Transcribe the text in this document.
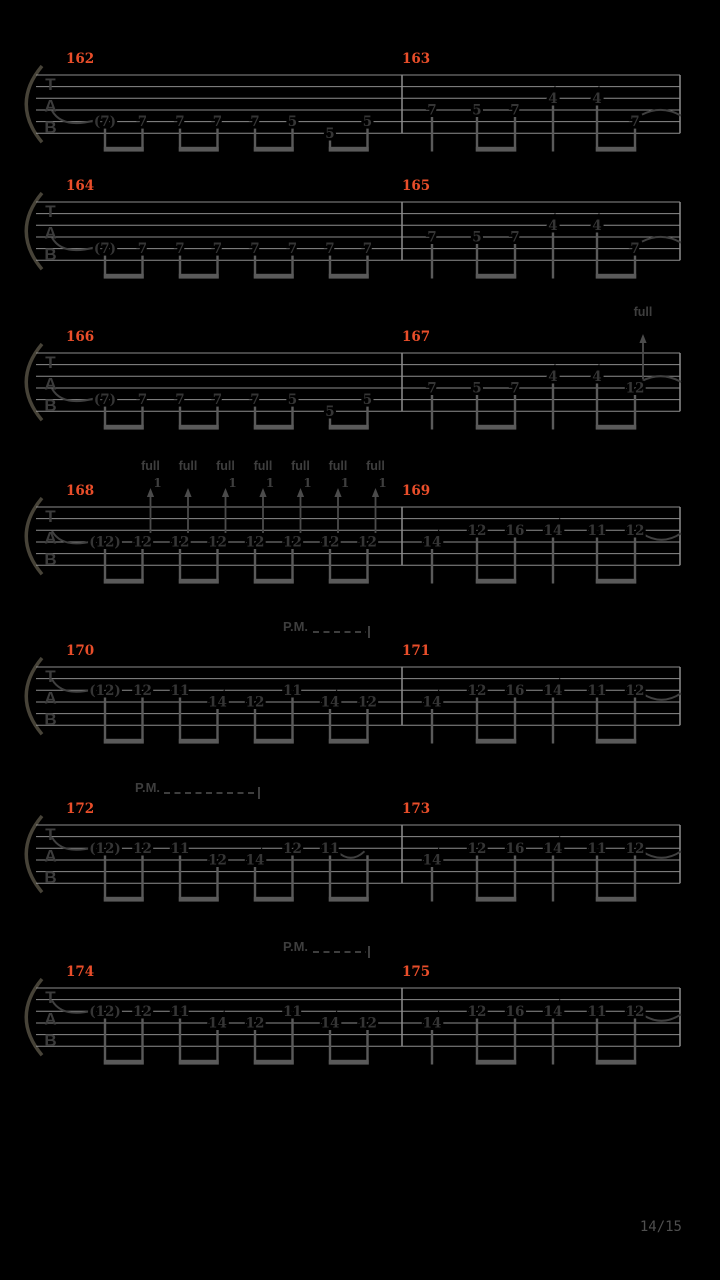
T
A
B
162
(7) 7 7 7 7 5
5
5
163
7	5 7
4	4
7
T
A
B
164
(7) 7 7 7 7 7 7 7
165
7	5 7
4	4
7
T
A
B
166
(7) 7 7 7 7 5
5
5
167
full
7	5 7
4	4
12
T
A
B
168
full
1
full full
1
full
1
full
1
full
1
full
1
(12) 12 12 12 12 12 12 12
169
14
12 16 14 11 12
T
A
B
P.M.
170
(12) 12 11
14 12
11
14 12
171
14
12 16 14 11 12
T
A
B
P.M.
172
(12) 12 11
12 14
12 11
173
14
12 16 14 11 12
T
A
B
P.M.
174
(12) 12 11
14 12
11
14 12
175
14
12 16 14 11 12
14/15
